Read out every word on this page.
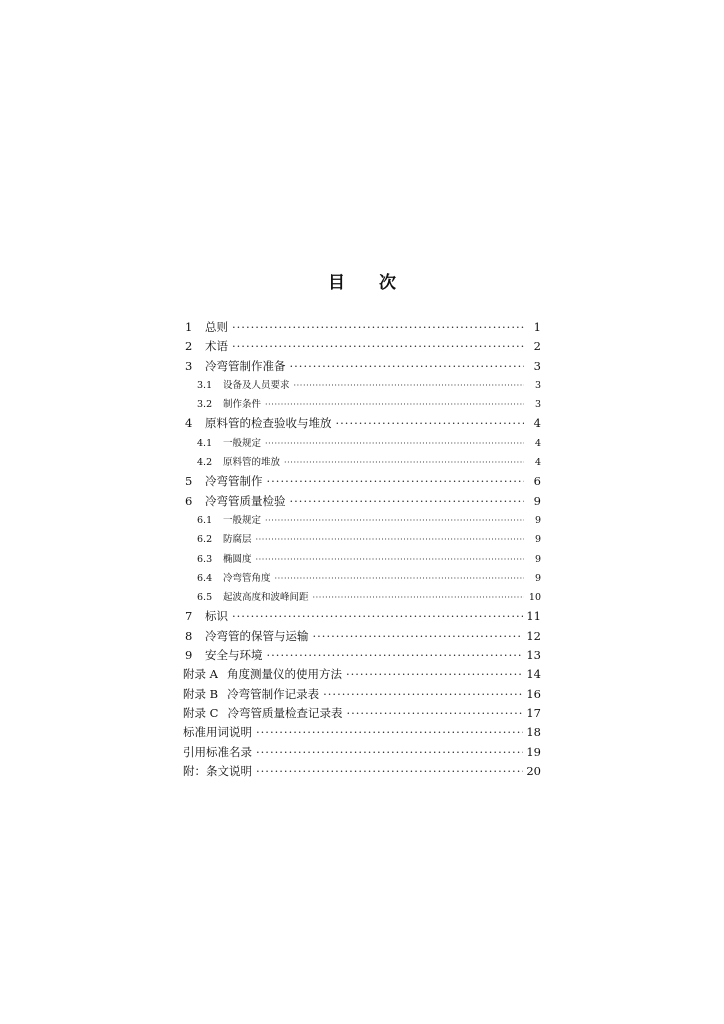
目 次
1	总则 ·····	1
2	术语 ·····	2
3	冷弯管制作准备 ·····	3
3.1	设备及人员要求 ·····	3
3.2	制作条件 ·····	3
4	原料管的检查验收与堆放 ·····	4
4.1	一般规定 ·····	4
4.2	原料管的堆放 ·····	4
5	冷弯管制作 ·····	6
6	冷弯管质量检验 ·····	9
6.1	一般规定 ·····	9
6.2	防腐层 ·····	9
6.3	椭圆度 ·····	9
6.4	冷弯管角度 ·····	9
6.5	起波高度和波峰间距 ·····	10
7	标识 ·····	11
8	冷弯管的保管与运输 ·····	12
9	安全与环境 ·····	13
附录 A 角度测量仪的使用方法 ·····	14
附录 B 冷弯管制作记录表 ·····	16
附录 C 冷弯管质量检查记录表 ·····	17
标准用词说明 ·····	18
引用标准名录 ·····	19
附：条文说明 ·····	20
